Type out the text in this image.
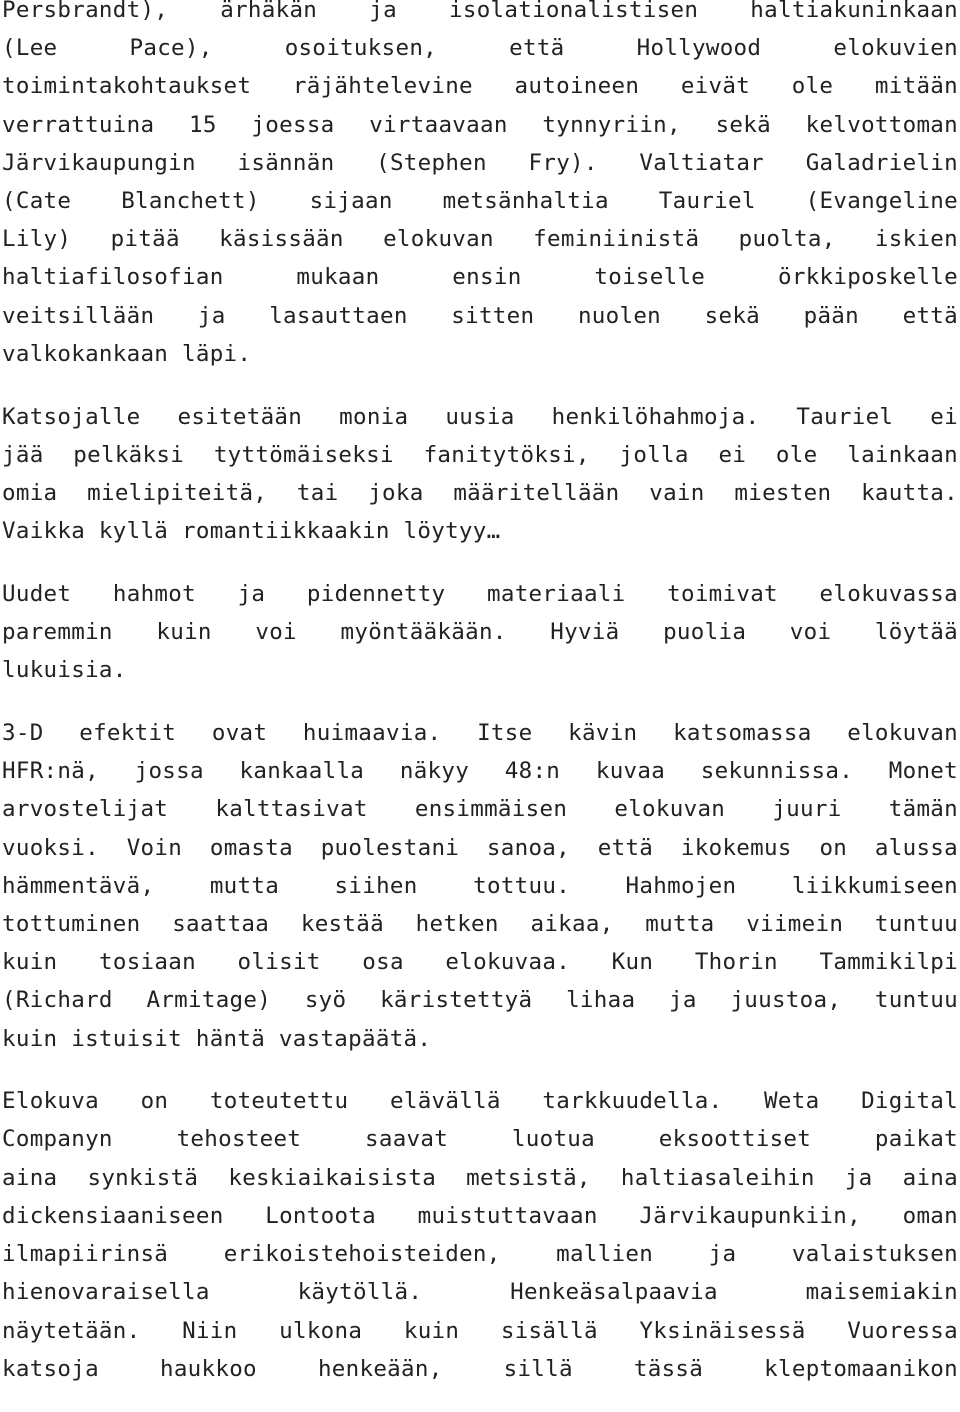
Persbrandt), ärhäkän ja isolationalistisen haltiakuninkaan
(Lee Pace), osoituksen, että Hollywood elokuvien
toimintakohtaukset räjähtelevine autoineen eivät ole mitään
verrattuina 15 joessa virtaavaan tynnyriin, sekä kelvottoman
Järvikaupungin isännän (Stephen Fry). Valtiatar Galadrielin
(Cate Blanchett) sijaan metsänhaltia Tauriel (Evangeline
Lily) pitää käsissään elokuvan feminiinistä puolta, iskien
haltiafilosofian mukaan ensin toiselle örkkiposkelle
veitsillään ja lasauttaen sitten nuolen sekä pään että
valkokankaan läpi.
Katsojalle esitetään monia uusia henkilöhahmoja. Tauriel ei
jää pelkäksi tyttömäiseksi fanitytöksi, jolla ei ole lainkaan
omia mielipiteitä, tai joka määritellään vain miesten kautta.
Vaikka kyllä romantiikkaakin löytyy…
Uudet hahmot ja pidennetty materiaali toimivat elokuvassa
paremmin kuin voi myöntääkään. Hyviä puolia voi löytää
lukuisia.
3-D efektit ovat huimaavia. Itse kävin katsomassa elokuvan
HFR:nä, jossa kankaalla näkyy 48:n kuvaa sekunnissa. Monet
arvostelijat kalttasivat ensimmäisen elokuvan juuri tämän
vuoksi. Voin omasta puolestani sanoa, että ikokemus on alussa
hämmentävä, mutta siihen tottuu. Hahmojen liikkumiseen
tottuminen saattaa kestää hetken aikaa, mutta viimein tuntuu
kuin tosiaan olisit osa elokuvaa. Kun Thorin Tammikilpi
(Richard Armitage) syö käristettyä lihaa ja juustoa, tuntuu
kuin istuisit häntä vastapäätä.
Elokuva on toteutettu elävällä tarkkuudella. Weta Digital
Companyn tehosteet saavat luotua eksoottiset paikat
aina synkistä keskiaikaisista metsistä, haltiasaleihin ja aina
dickensiaaniseen Lontoota muistuttavaan Järvikaupunkiin, oman
ilmapiirinsä erikoistehoisteiden, mallien ja valaistuksen
hienovaraisella käytöllä. Henkeäsalpaavia maisemiakin
näytetään. Niin ulkona kuin sisällä Yksinäisessä Vuoressa
katsoja haukkoo henkeään, sillä tässä kleptomaanikon
